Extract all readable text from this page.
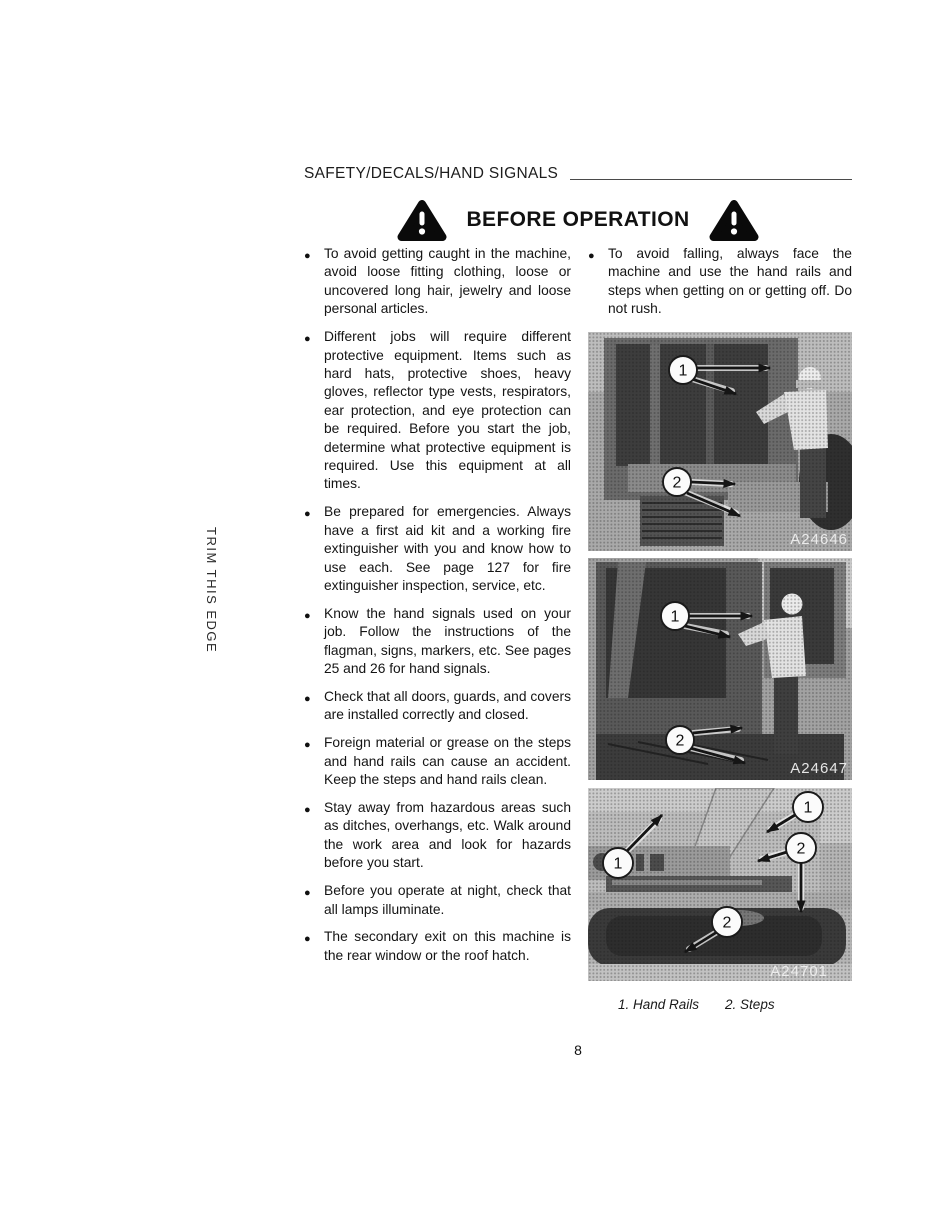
TRIM THIS EDGE
SAFETY/DECALS/HAND SIGNALS
BEFORE OPERATION

● To avoid getting caught in the machine, avoid loose fitting clothing, loose or uncovered long hair, jewelry and loose personal articles.

● Different jobs will require different protective equipment. Items such as hard hats, protective shoes, heavy gloves, reflector type vests, respirators, ear protection, and eye protection can be required. Before you start the job, determine what protective equipment is required. Use this equipment at all times.

● Be prepared for emergencies. Always have a first aid kit and a working fire extinguisher with you and know how to use each. See page 127 for fire extinguisher inspection, service, etc.

● Know the hand signals used on your job. Follow the instructions of the flagman, signs, markers, etc. See pages 25 and 26 for hand signals.

● Check that all doors, guards, and covers are installed correctly and closed.

● Foreign material or grease on the steps and hand rails can cause an accident. Keep the steps and hand rails clean.

● Stay away from hazardous areas such as ditches, overhangs, etc. Walk around the work area and look for hazards before you start.

● Before you operate at night, check that all lamps illuminate.

● The secondary exit on this machine is the rear window or the roof hatch.

● To avoid falling, always face the machine and use the hand rails and steps when getting on or getting off. Do not rush.

1
2
A24646
1
2
A24647
1
1
2
2
A24701
1. Hand Rails 2. Steps
8
